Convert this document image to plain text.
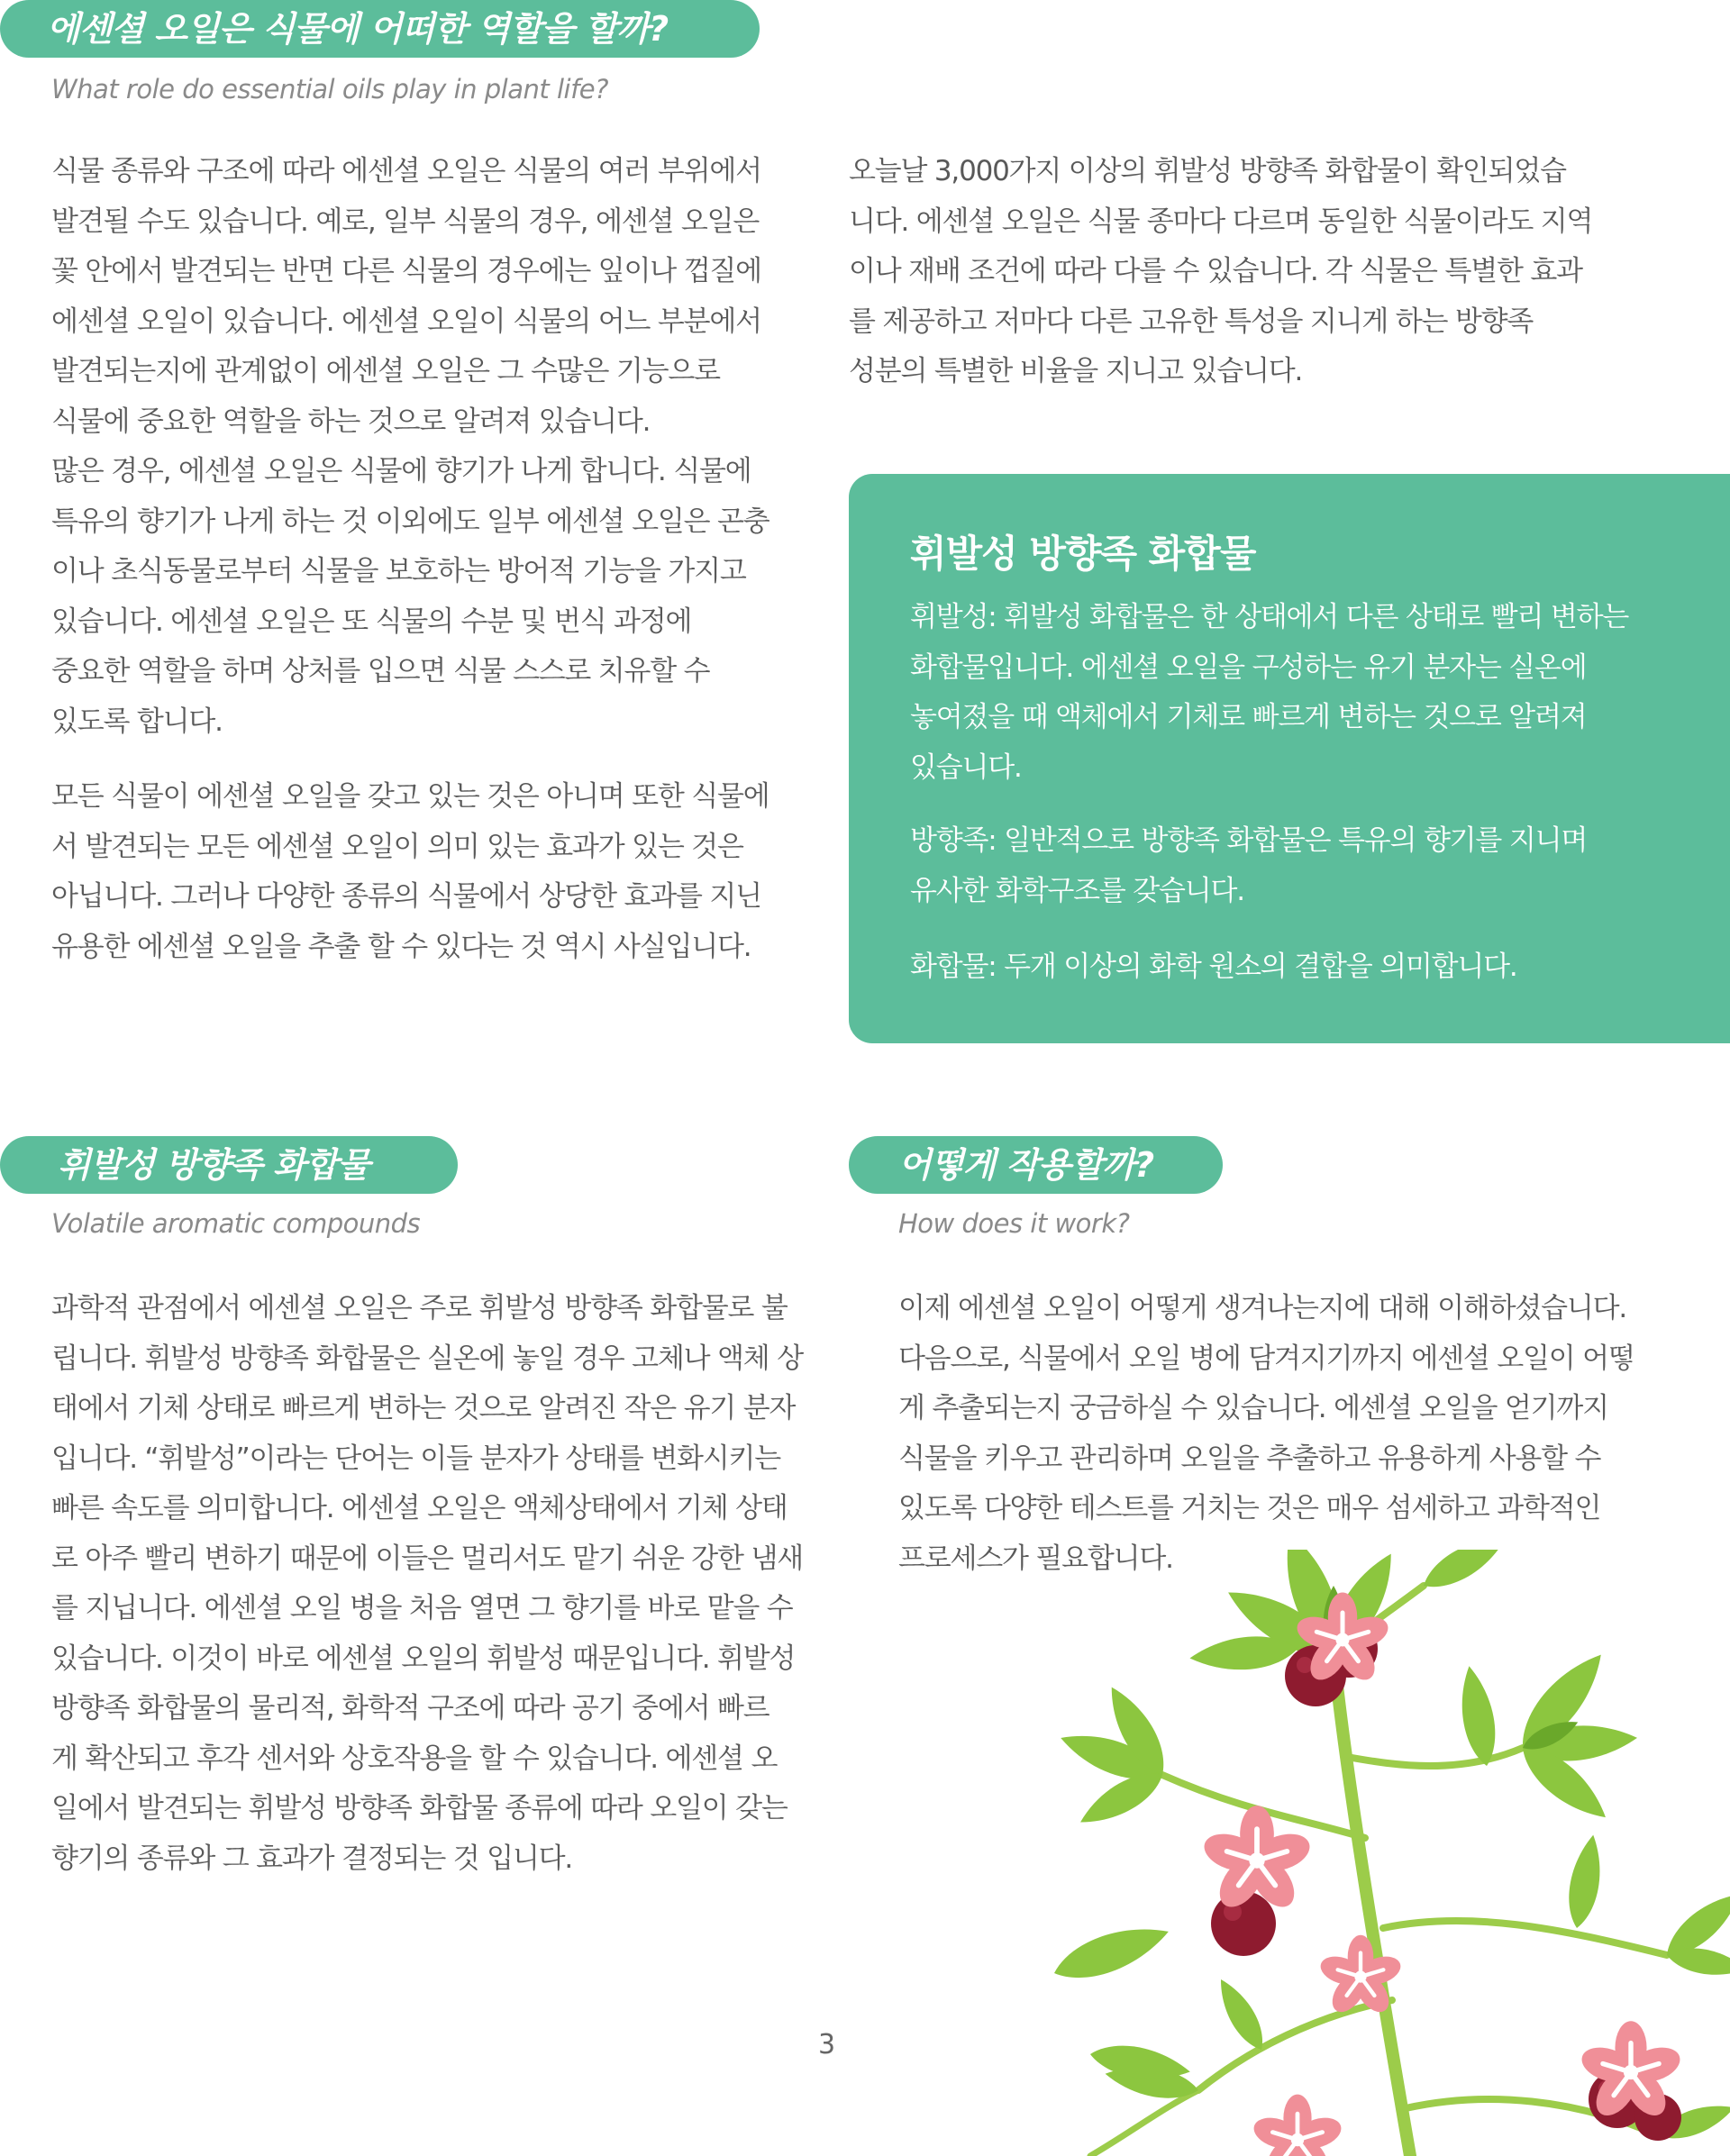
에센셜 오일은 식물에 어떠한 역할을 할까?
What role do essential oils play in plant life?

식물 종류와 구조에 따라 에센셜 오일은 식물의 여러 부위에서
발견될 수도 있습니다. 예로, 일부 식물의 경우, 에센셜 오일은
꽃 안에서 발견되는 반면 다른 식물의 경우에는 잎이나 껍질에
에센셜 오일이 있습니다. 에센셜 오일이 식물의 어느 부분에서
발견되는지에 관계없이 에센셜 오일은 그 수많은 기능으로
식물에 중요한 역할을 하는 것으로 알려져 있습니다.
많은 경우, 에센셜 오일은 식물에 향기가 나게 합니다. 식물에
특유의 향기가 나게 하는 것 이외에도 일부 에센셜 오일은 곤충
이나 초식동물로부터 식물을 보호하는 방어적 기능을 가지고
있습니다. 에센셜 오일은 또 식물의 수분 및 번식 과정에
중요한 역할을 하며 상처를 입으면 식물 스스로 치유할 수
있도록 합니다.

모든 식물이 에센셜 오일을 갖고 있는 것은 아니며 또한 식물에
서 발견되는 모든 에센셜 오일이 의미 있는 효과가 있는 것은
아닙니다. 그러나 다양한 종류의 식물에서 상당한 효과를 지닌
유용한 에센셜 오일을 추출 할 수 있다는 것 역시 사실입니다.

오늘날 3,000가지 이상의 휘발성 방향족 화합물이 확인되었습
니다. 에센셜 오일은 식물 종마다 다르며 동일한 식물이라도 지역
이나 재배 조건에 따라 다를 수 있습니다. 각 식물은 특별한 효과
를 제공하고 저마다 다른 고유한 특성을 지니게 하는 방향족
성분의 특별한 비율을 지니고 있습니다.

휘발성 방향족 화합물

휘발성: 휘발성 화합물은 한 상태에서 다른 상태로 빨리 변하는
화합물입니다. 에센셜 오일을 구성하는 유기 분자는 실온에
놓여졌을 때 액체에서 기체로 빠르게 변하는 것으로 알려져
있습니다.

방향족: 일반적으로 방향족 화합물은 특유의 향기를 지니며
유사한 화학구조를 갖습니다.

화합물: 두개 이상의 화학 원소의 결합을 의미합니다.

휘발성 방향족 화합물
Volatile aromatic compounds

과학적 관점에서 에센셜 오일은 주로 휘발성 방향족 화합물로 불
립니다. 휘발성 방향족 화합물은 실온에 놓일 경우 고체나 액체 상
태에서 기체 상태로 빠르게 변하는 것으로 알려진 작은 유기 분자
입니다. “휘발성”이라는 단어는 이들 분자가 상태를 변화시키는
빠른 속도를 의미합니다. 에센셜 오일은 액체상태에서 기체 상태
로 아주 빨리 변하기 때문에 이들은 멀리서도 맡기 쉬운 강한 냄새
를 지닙니다. 에센셜 오일 병을 처음 열면 그 향기를 바로 맡을 수
있습니다. 이것이 바로 에센셜 오일의 휘발성 때문입니다. 휘발성
방향족 화합물의 물리적, 화학적 구조에 따라 공기 중에서 빠르
게 확산되고 후각 센서와 상호작용을 할 수 있습니다. 에센셜 오
일에서 발견되는 휘발성 방향족 화합물 종류에 따라 오일이 갖는
향기의 종류와 그 효과가 결정되는 것 입니다.

어떻게 작용할까?
How does it work?

이제 에센셜 오일이 어떻게 생겨나는지에 대해 이해하셨습니다.
다음으로, 식물에서 오일 병에 담겨지기까지 에센셜 오일이 어떻
게 추출되는지 궁금하실 수 있습니다. 에센셜 오일을 얻기까지
식물을 키우고 관리하며 오일을 추출하고 유용하게 사용할 수
있도록 다양한 테스트를 거치는 것은 매우 섬세하고 과학적인
프로세스가 필요합니다.

3
